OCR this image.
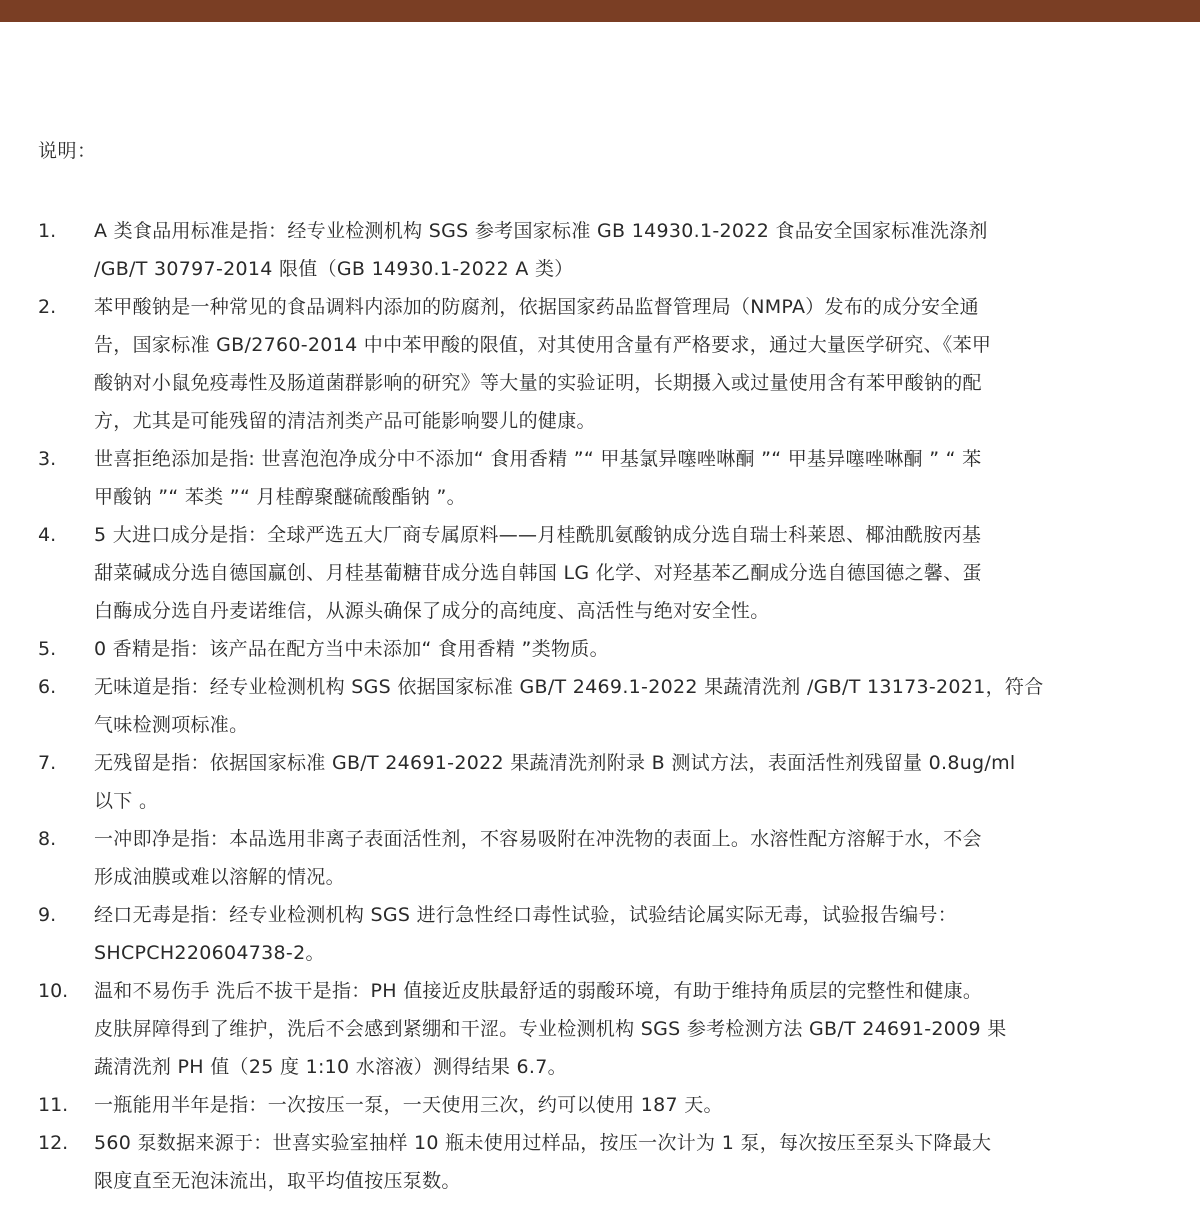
说明：
1. A 类食品用标准是指：经专业检测机构 SGS 参考国家标准 GB 14930.1-2022 食品安全国家标准洗涤剂
/GB/T 30797-2014 限值（GB 14930.1-2022 A 类）
2. 苯甲酸钠是一种常见的食品调料内添加的防腐剂，依据国家药品监督管理局（NMPA）发布的成分安全通
告，国家标准 GB/2760-2014 中中苯甲酸的限值，对其使用含量有严格要求，通过大量医学研究、《苯甲
酸钠对小鼠免疫毒性及肠道菌群影响的研究》等大量的实验证明，长期摄入或过量使用含有苯甲酸钠的配
方，尤其是可能残留的清洁剂类产品可能影响婴儿的健康。
3. 世喜拒绝添加是指: 世喜泡泡净成分中不添加“ 食用香精 ”“ 甲基氯异噻唑啉酮 ”“ 甲基异噻唑啉酮 ” “ 苯
甲酸钠 ”“ 苯类 ”“ 月桂醇聚醚硫酸酯钠 ”。
4. 5 大进口成分是指：全球严选五大厂商专属原料——月桂酰肌氨酸钠成分选自瑞士科莱恩、椰油酰胺丙基
甜菜碱成分选自德国赢创、月桂基葡糖苷成分选自韩国 LG 化学、对羟基苯乙酮成分选自德国德之馨、蛋
白酶成分选自丹麦诺维信，从源头确保了成分的高纯度、高活性与绝对安全性。
5. 0 香精是指：该产品在配方当中未添加“ 食用香精 ”类物质。
6. 无味道是指：经专业检测机构 SGS 依据国家标准 GB/T 2469.1-2022 果蔬清洗剂 /GB/T 13173-2021，符合
气味检测项标准。
7. 无残留是指：依据国家标准 GB/T 24691-2022 果蔬清洗剂附录 B 测试方法，表面活性剂残留量 0.8ug/ml
以下 。
8. 一冲即净是指：本品选用非离子表面活性剂，不容易吸附在冲洗物的表面上。水溶性配方溶解于水，不会
形成油膜或难以溶解的情况。
9. 经口无毒是指：经专业检测机构 SGS 进行急性经口毒性试验，试验结论属实际无毒，试验报告编号：
SHCPCH220604738-2。
10. 温和不易伤手 洗后不拔干是指：PH 值接近皮肤最舒适的弱酸环境，有助于维持角质层的完整性和健康。
皮肤屏障得到了维护，洗后不会感到紧绷和干涩。专业检测机构 SGS 参考检测方法 GB/T 24691-2009 果
蔬清洗剂 PH 值（25 度 1:10 水溶液）测得结果 6.7。
11. 一瓶能用半年是指：一次按压一泵，一天使用三次，约可以使用 187 天。
12. 560 泵数据来源于：世喜实验室抽样 10 瓶未使用过样品，按压一次计为 1 泵，每次按压至泵头下降最大
限度直至无泡沫流出，取平均值按压泵数。
